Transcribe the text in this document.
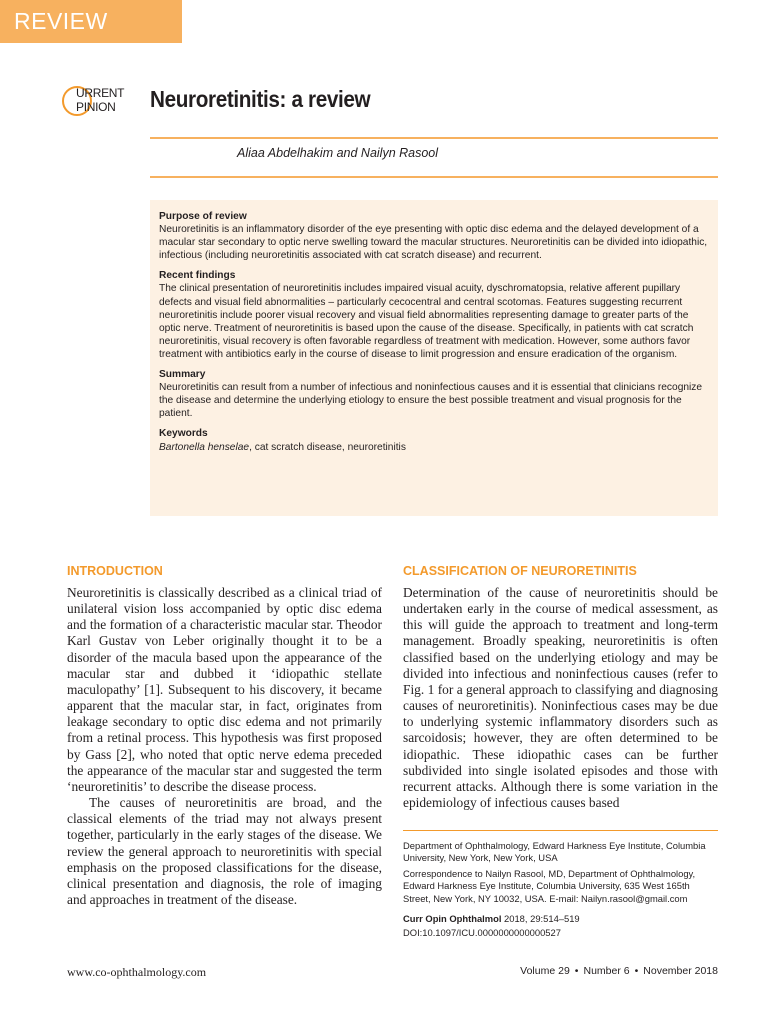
REVIEW
URRENT
PINION Neuroretinitis: a review
Aliaa Abdelhakim and Nailyn Rasool
Purpose of review

Neuroretinitis is an inflammatory disorder of the eye presenting with optic disc edema and the delayed development of a macular star secondary to optic nerve swelling toward the macular structures. Neuroretinitis can be divided into idiopathic, infectious (including neuroretinitis associated with cat scratch disease) and recurrent.

Recent findings

The clinical presentation of neuroretinitis includes impaired visual acuity, dyschromatopsia, relative afferent pupillary defects and visual field abnormalities – particularly cecocentral and central scotomas. Features suggesting recurrent neuroretinitis include poorer visual recovery and visual field abnormalities representing damage to greater parts of the optic nerve. Treatment of neuroretinitis is based upon the cause of the disease. Specifically, in patients with cat scratch neuroretinitis, visual recovery is often favorable regardless of treatment with medication. However, some authors favor treatment with antibiotics early in the course of disease to limit progression and ensure eradication of the organism.

Summary

Neuroretinitis can result from a number of infectious and noninfectious causes and it is essential that clinicians recognize the disease and determine the underlying etiology to ensure the best possible treatment and visual prognosis for the patient.

Keywords

Bartonella henselae, cat scratch disease, neuroretinitis

INTRODUCTION

Neuroretinitis is classically described as a clinical triad of unilateral vision loss accompanied by optic disc edema and the formation of a characteristic macular star. Theodor Karl Gustav von Leber originally thought it to be a disorder of the macula based upon the appearance of the macular star and dubbed it ‘idiopathic stellate maculopathy’ [1]. Subsequent to his discovery, it became apparent that the macular star, in fact, originates from leakage secondary to optic disc edema and not primarily from a retinal process. This hypothesis was first proposed by Gass [2], who noted that optic nerve edema preceded the appearance of the macular star and suggested the term ‘neuroretinitis’ to describe the disease process.

The causes of neuroretinitis are broad, and the classical elements of the triad may not always present together, particularly in the early stages of the disease. We review the general approach to neuroretinitis with special emphasis on the proposed classifications for the disease, clinical presentation and diagnosis, the role of imaging and approaches in treatment of the disease.

CLASSIFICATION OF NEURORETINITIS

Determination of the cause of neuroretinitis should be undertaken early in the course of medical assessment, as this will guide the approach to treatment and long-term management. Broadly speaking, neuroretinitis is often classified based on the underlying etiology and may be divided into infectious and noninfectious causes (refer to Fig. 1 for a general approach to classifying and diagnosing causes of neuroretinitis). Noninfectious cases may be due to underlying systemic inflammatory disorders such as sarcoidosis; however, they are often determined to be idiopathic. These idiopathic cases can be further subdivided into single isolated episodes and those with recurrent attacks. Although there is some variation in the epidemiology of infectious causes based

Department of Ophthalmology, Edward Harkness Eye Institute, Columbia University, New York, New York, USA
Correspondence to Nailyn Rasool, MD, Department of Ophthalmology, Edward Harkness Eye Institute, Columbia University, 635 West 165th Street, New York, NY 10032, USA. E-mail: Nailyn.rasool@gmail.com
Curr Opin Ophthalmol 2018, 29:514–519
DOI:10.1097/ICU.0000000000000527
www.co-ophthalmology.com	Volume 29 • Number 6 • November 2018
